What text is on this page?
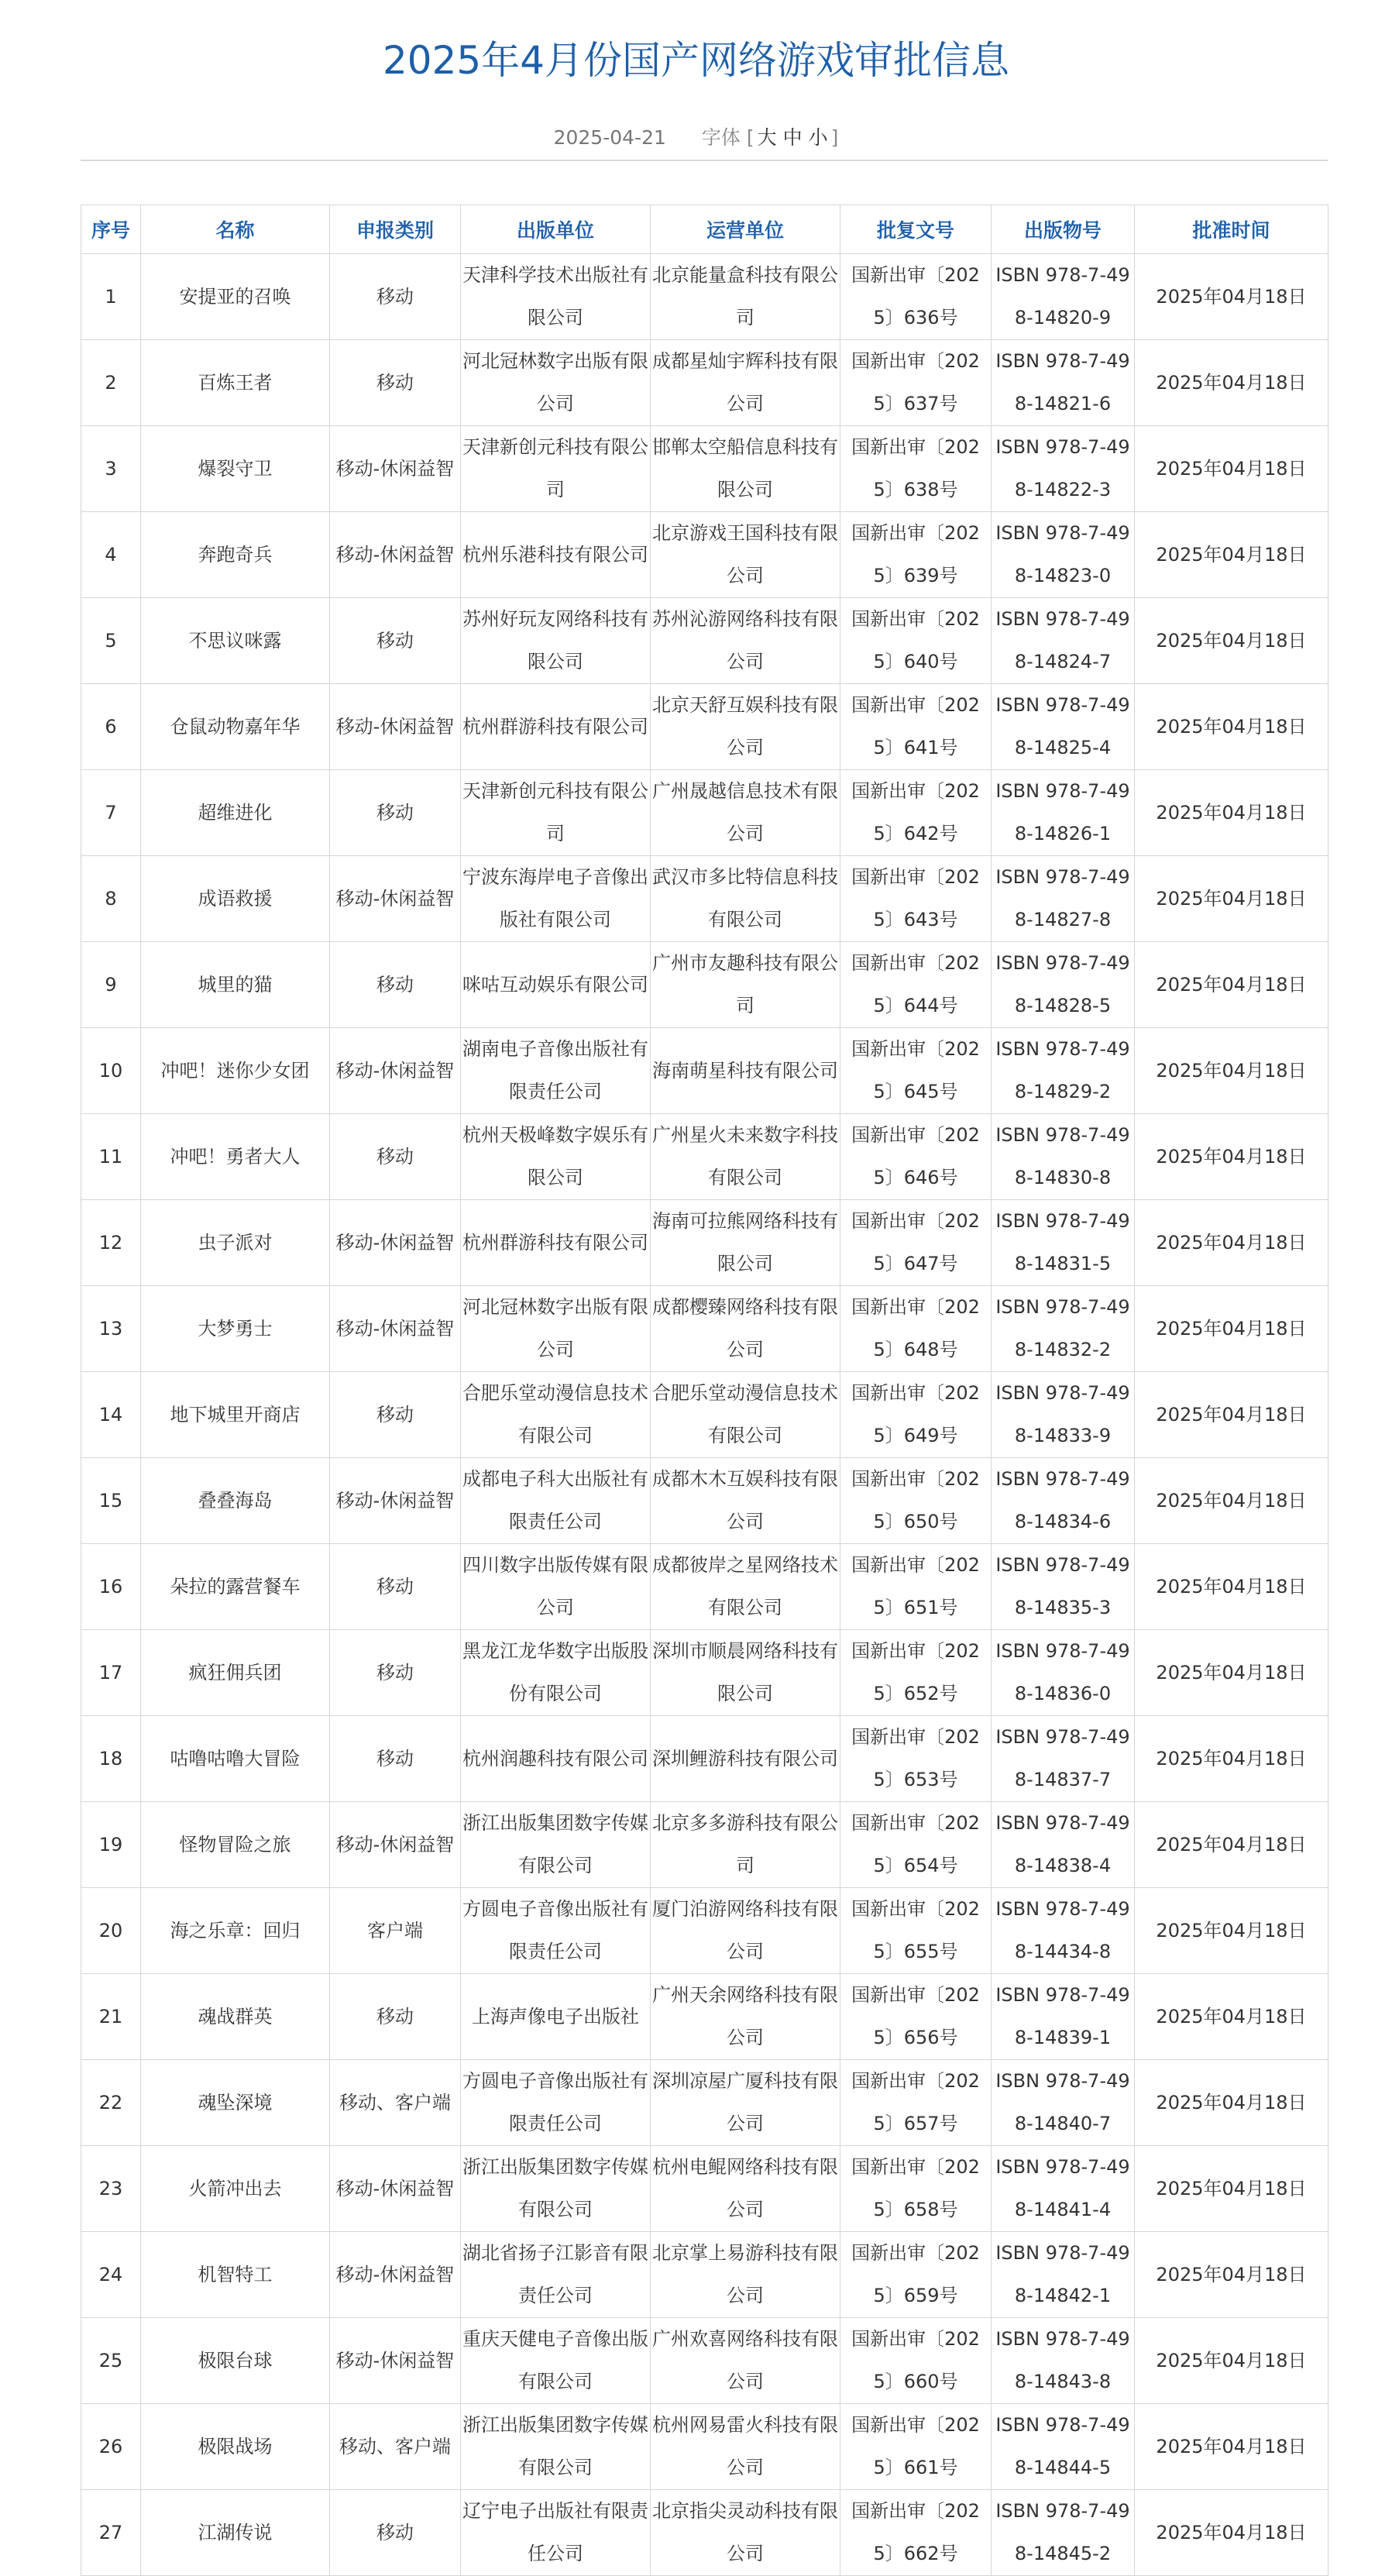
2025年4月份国产网络游戏审批信息
2025-04-21 字体 [ 大 中 小 ]
序号	名称	申报类别	出版单位	运营单位	批复文号	出版物号	批准时间

1	安提亚的召唤	移动	天津科学技术出版社有限公司	北京能量盒科技有限公司	国新出审〔2025〕636号	ISBN 978-7-498-14820-9	2025年04月18日

2	百炼王者	移动	河北冠林数字出版有限公司	成都星灿宇辉科技有限公司	国新出审〔2025〕637号	ISBN 978-7-498-14821-6	2025年04月18日

3	爆裂守卫	移动-休闲益智	天津新创元科技有限公司	邯郸太空船信息科技有限公司	国新出审〔2025〕638号	ISBN 978-7-498-14822-3	2025年04月18日

4	奔跑奇兵	移动-休闲益智	杭州乐港科技有限公司	北京游戏王国科技有限公司	国新出审〔2025〕639号	ISBN 978-7-498-14823-0	2025年04月18日

5	不思议咪露	移动	苏州好玩友网络科技有限公司	苏州沁游网络科技有限公司	国新出审〔2025〕640号	ISBN 978-7-498-14824-7	2025年04月18日

6	仓鼠动物嘉年华	移动-休闲益智	杭州群游科技有限公司	北京天舒互娱科技有限公司	国新出审〔2025〕641号	ISBN 978-7-498-14825-4	2025年04月18日

7	超维进化	移动	天津新创元科技有限公司	广州晟越信息技术有限公司	国新出审〔2025〕642号	ISBN 978-7-498-14826-1	2025年04月18日

8	成语救援	移动-休闲益智	宁波东海岸电子音像出版社有限公司	武汉市多比特信息科技有限公司	国新出审〔2025〕643号	ISBN 978-7-498-14827-8	2025年04月18日

9	城里的猫	移动	咪咕互动娱乐有限公司	广州市友趣科技有限公司	国新出审〔2025〕644号	ISBN 978-7-498-14828-5	2025年04月18日

10	冲吧！迷你少女团	移动-休闲益智	湖南电子音像出版社有限责任公司	海南萌星科技有限公司	国新出审〔2025〕645号	ISBN 978-7-498-14829-2	2025年04月18日

11	冲吧！勇者大人	移动	杭州天极峰数字娱乐有限公司	广州星火未来数字科技有限公司	国新出审〔2025〕646号	ISBN 978-7-498-14830-8	2025年04月18日

12	虫子派对	移动-休闲益智	杭州群游科技有限公司	海南可拉熊网络科技有限公司	国新出审〔2025〕647号	ISBN 978-7-498-14831-5	2025年04月18日

13	大梦勇士	移动-休闲益智	河北冠林数字出版有限公司	成都樱臻网络科技有限公司	国新出审〔2025〕648号	ISBN 978-7-498-14832-2	2025年04月18日

14	地下城里开商店	移动	合肥乐堂动漫信息技术有限公司	合肥乐堂动漫信息技术有限公司	国新出审〔2025〕649号	ISBN 978-7-498-14833-9	2025年04月18日

15	叠叠海岛	移动-休闲益智	成都电子科大出版社有限责任公司	成都木木互娱科技有限公司	国新出审〔2025〕650号	ISBN 978-7-498-14834-6	2025年04月18日

16	朵拉的露营餐车	移动	四川数字出版传媒有限公司	成都彼岸之星网络技术有限公司	国新出审〔2025〕651号	ISBN 978-7-498-14835-3	2025年04月18日

17	疯狂佣兵团	移动	黑龙江龙华数字出版股份有限公司	深圳市顺晨网络科技有限公司	国新出审〔2025〕652号	ISBN 978-7-498-14836-0	2025年04月18日

18	咕噜咕噜大冒险	移动	杭州润趣科技有限公司	深圳鲤游科技有限公司	国新出审〔2025〕653号	ISBN 978-7-498-14837-7	2025年04月18日

19	怪物冒险之旅	移动-休闲益智	浙江出版集团数字传媒有限公司	北京多多游科技有限公司	国新出审〔2025〕654号	ISBN 978-7-498-14838-4	2025年04月18日

20	海之乐章：回归	客户端	方圆电子音像出版社有限责任公司	厦门泊游网络科技有限公司	国新出审〔2025〕655号	ISBN 978-7-498-14434-8	2025年04月18日

21	魂战群英	移动	上海声像电子出版社	广州天余网络科技有限公司	国新出审〔2025〕656号	ISBN 978-7-498-14839-1	2025年04月18日

22	魂坠深境	移动、客户端	方圆电子音像出版社有限责任公司	深圳凉屋广厦科技有限公司	国新出审〔2025〕657号	ISBN 978-7-498-14840-7	2025年04月18日

23	火箭冲出去	移动-休闲益智	浙江出版集团数字传媒有限公司	杭州电鲲网络科技有限公司	国新出审〔2025〕658号	ISBN 978-7-498-14841-4	2025年04月18日

24	机智特工	移动-休闲益智	湖北省扬子江影音有限责任公司	北京掌上易游科技有限公司	国新出审〔2025〕659号	ISBN 978-7-498-14842-1	2025年04月18日

25	极限台球	移动-休闲益智	重庆天健电子音像出版有限公司	广州欢喜网络科技有限公司	国新出审〔2025〕660号	ISBN 978-7-498-14843-8	2025年04月18日

26	极限战场	移动、客户端	浙江出版集团数字传媒有限公司	杭州网易雷火科技有限公司	国新出审〔2025〕661号	ISBN 978-7-498-14844-5	2025年04月18日

27	江湖传说	移动	辽宁电子出版社有限责任公司	北京指尖灵动科技有限公司	国新出审〔2025〕662号	ISBN 978-7-498-14845-2	2025年04月18日
